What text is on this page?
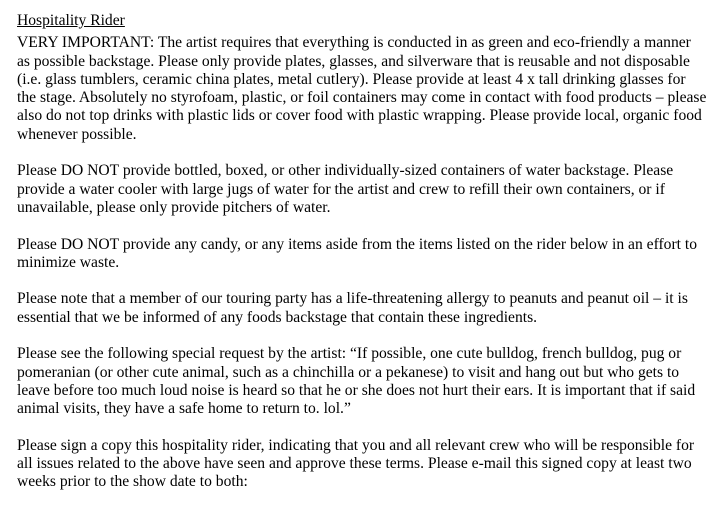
Hospitality Rider
VERY IMPORTANT: The artist requires that everything is conducted in as green and eco-friendly a manner as possible backstage. Please only provide plates, glasses, and silverware that is reusable and not disposable (i.e. glass tumblers, ceramic china plates, metal cutlery). Please provide at least 4 x tall drinking glasses for the stage. Absolutely no styrofoam, plastic, or foil containers may come in contact with food products – please also do not top drinks with plastic lids or cover food with plastic wrapping. Please provide local, organic food whenever possible.
Please DO NOT provide bottled, boxed, or other individually-sized containers of water backstage. Please provide a water cooler with large jugs of water for the artist and crew to refill their own containers, or if unavailable, please only provide pitchers of water.
Please DO NOT provide any candy, or any items aside from the items listed on the rider below in an effort to minimize waste.
Please note that a member of our touring party has a life-threatening allergy to peanuts and peanut oil – it is essential that we be informed of any foods backstage that contain these ingredients.
Please see the following special request by the artist: “If possible, one cute bulldog, french bulldog, pug or pomeranian (or other cute animal, such as a chinchilla or a pekanese) to visit and hang out but who gets to leave before too much loud noise is heard so that he or she does not hurt their ears. It is important that if said animal visits, they have a safe home to return to. lol.”
Please sign a copy this hospitality rider, indicating that you and all relevant crew who will be responsible for all issues related to the above have seen and approve these terms. Please e-mail this signed copy at least two weeks prior to the show date to both:
